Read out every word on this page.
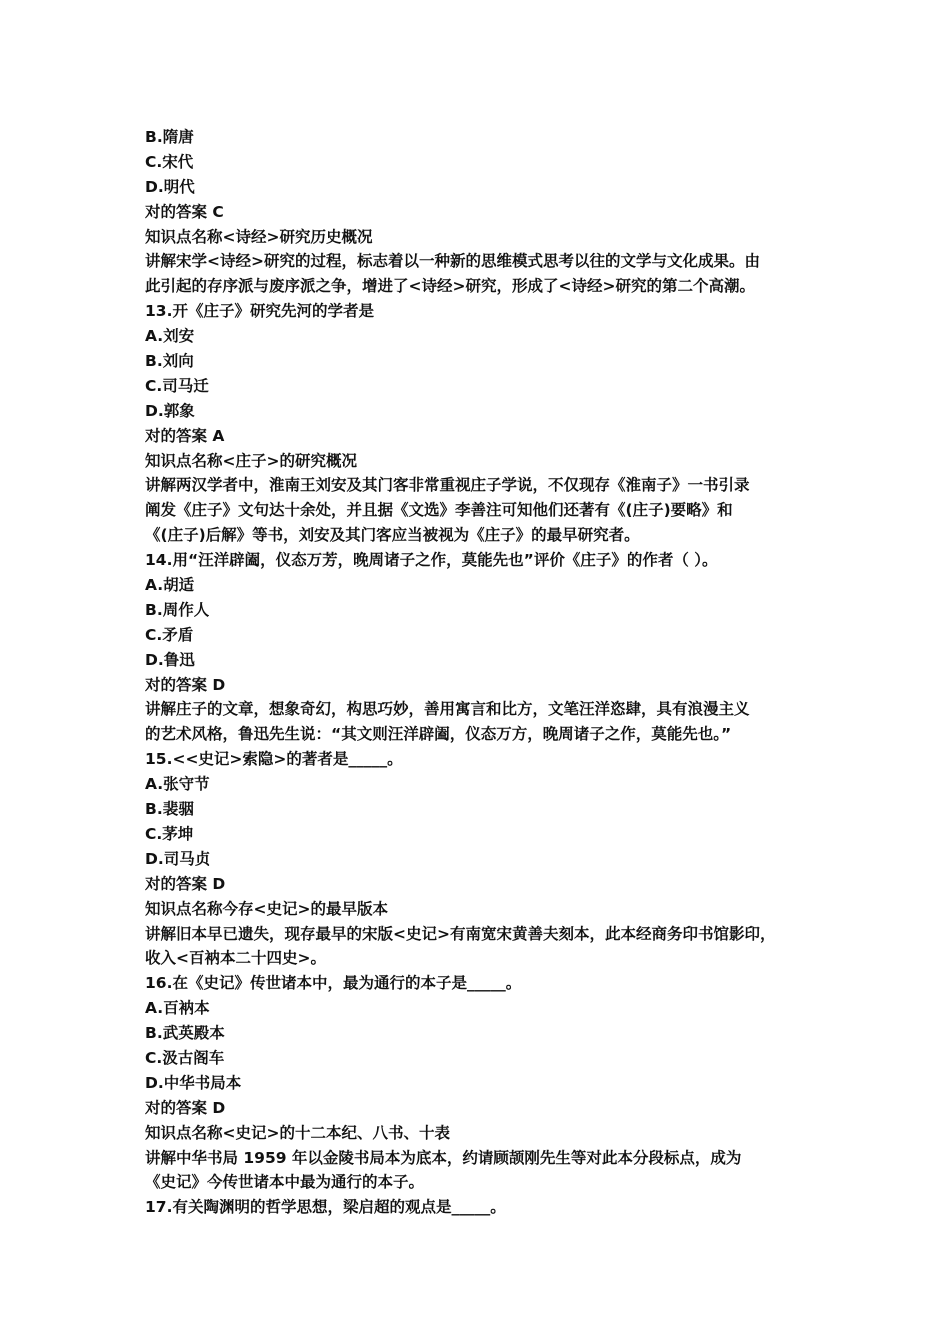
B.隋唐
C.宋代
D.明代
对的答案 C
知识点名称<诗经>研究历史概况
讲解宋学<诗经>研究的过程，标志着以一种新的思维模式思考以往的文学与文化成果。由
此引起的存序派与废序派之争，增进了<诗经>研究，形成了<诗经>研究的第二个高潮。
13.开《庄子》研究先河的学者是
A.刘安
B.刘向
C.司马迁
D.郭象
对的答案 A
知识点名称<庄子>的研究概况
讲解两汉学者中，淮南王刘安及其门客非常重视庄子学说，不仅现存《淮南子》一书引录
阐发《庄子》文句达十余处，并且据《文选》李善注可知他们还著有《(庄子)要略》和
《(庄子)后解》等书，刘安及其门客应当被视为《庄子》的最早研究者。
14.用“汪洋辟阖，仪态万芳，晚周诸子之作，莫能先也”评价《庄子》的作者（ ）。
A.胡适
B.周作人
C.矛盾
D.鲁迅
对的答案 D
讲解庄子的文章，想象奇幻，构思巧妙，善用寓言和比方，文笔汪洋恣肆，具有浪漫主义
的艺术风格，鲁迅先生说：“其文则汪洋辟阖，仪态万方，晚周诸子之作，莫能先也。”
15.<<史记>索隐>的著者是_____。
A.张守节
B.裴骃
C.茅坤
D.司马贞
对的答案 D
知识点名称今存<史记>的最早版本
讲解旧本早已遗失，现存最早的宋版<史记>有南宽宋黄善夫刻本，此本经商务印书馆影印，
收入<百衲本二十四史>。
16.在《史记》传世诸本中，最为通行的本子是_____。
A.百衲本
B.武英殿本
C.汲古阁车
D.中华书局本
对的答案 D
知识点名称<史记>的十二本纪、八书、十表
讲解中华书局 1959 年以金陵书局本为底本，约请顾颉刚先生等对此本分段标点，成为
《史记》今传世诸本中最为通行的本子。
17.有关陶渊明的哲学思想，梁启超的观点是_____。
